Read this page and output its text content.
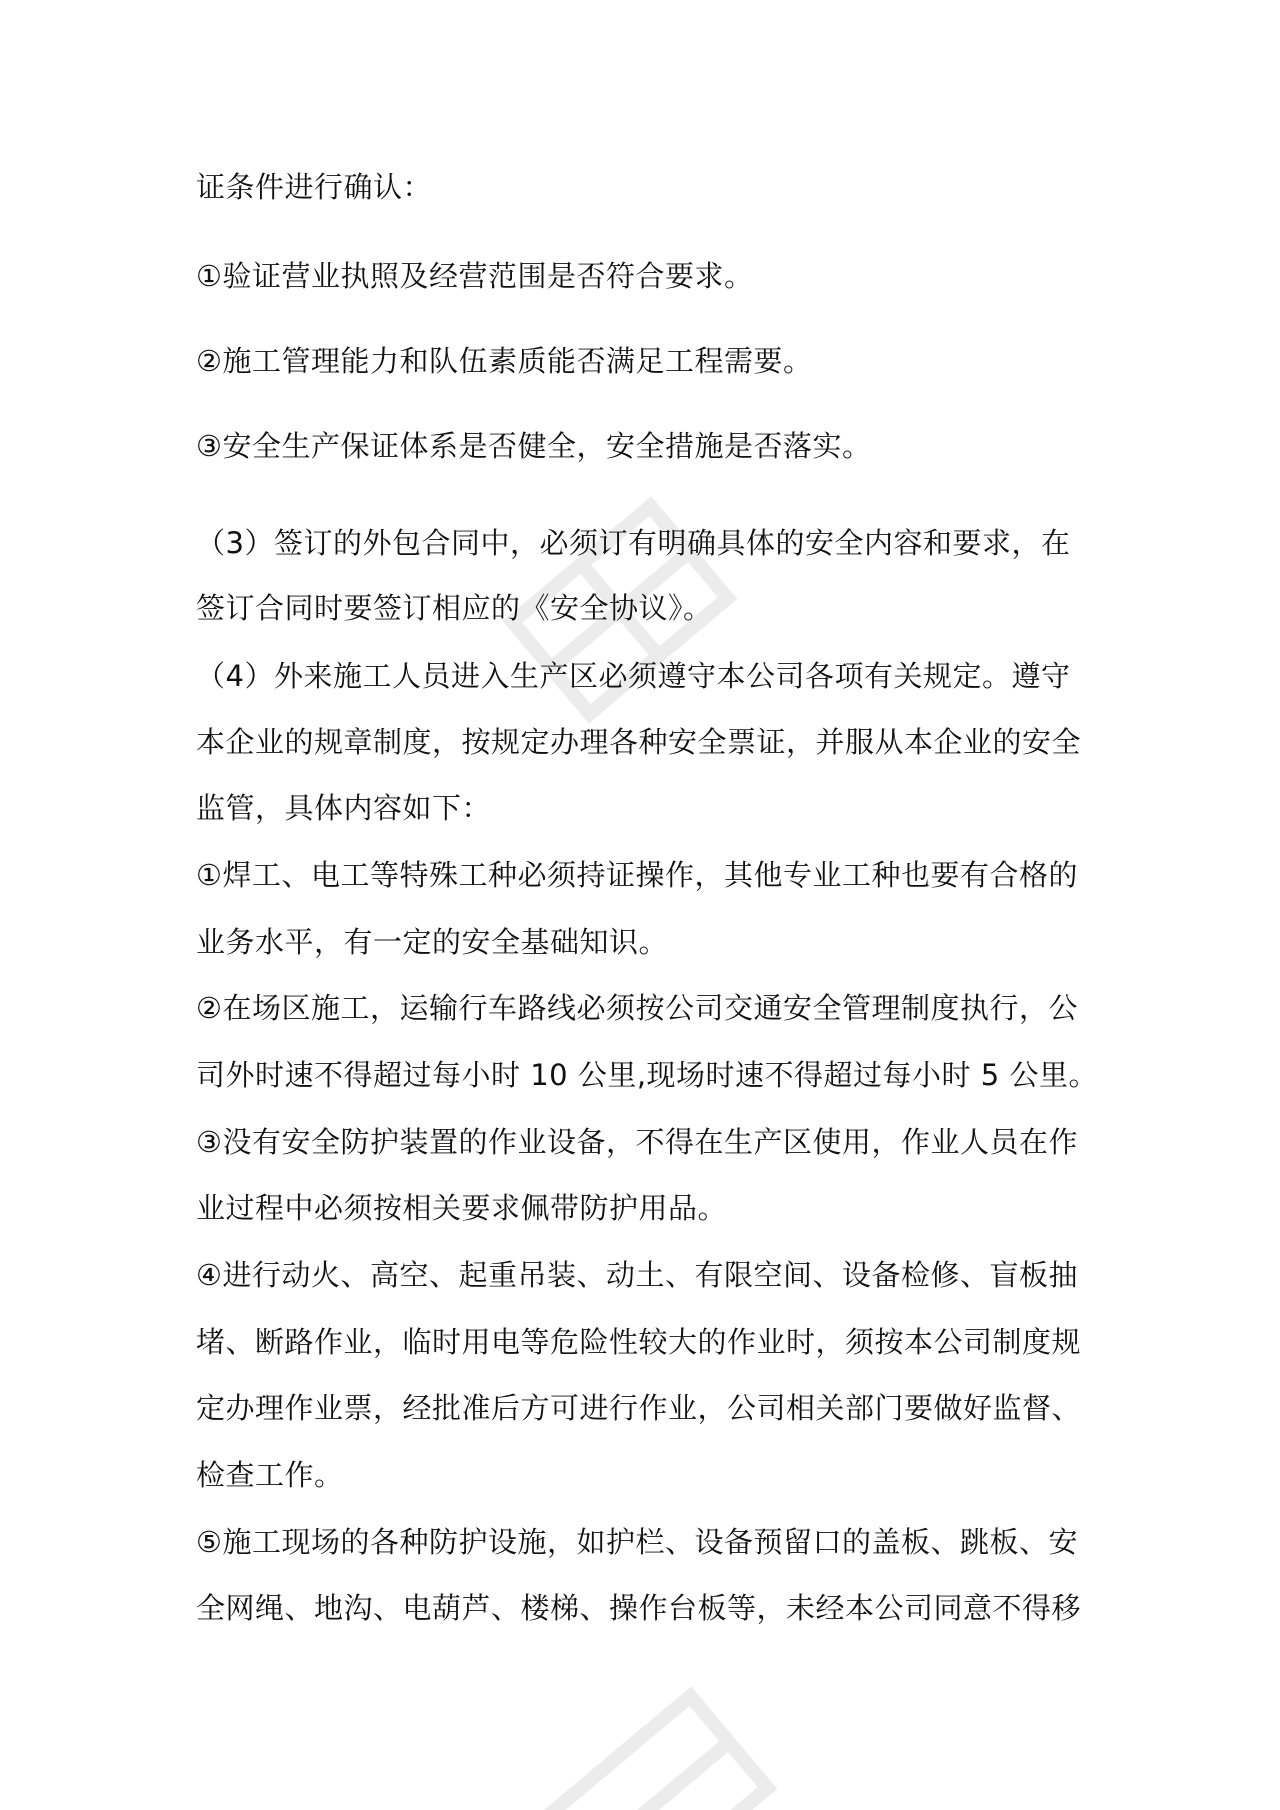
证条件进行确认：
①验证营业执照及经营范围是否符合要求。
②施工管理能力和队伍素质能否满足工程需要。
③安全生产保证体系是否健全，安全措施是否落实。
（3）签订的外包合同中，必须订有明确具体的安全内容和要求，在
签订合同时要签订相应的《安全协议》。
（4）外来施工人员进入生产区必须遵守本公司各项有关规定。遵守
本企业的规章制度，按规定办理各种安全票证，并服从本企业的安全
监管，具体内容如下：
①焊工、电工等特殊工种必须持证操作，其他专业工种也要有合格的
业务水平，有一定的安全基础知识。
②在场区施工，运输行车路线必须按公司交通安全管理制度执行，公
司外时速不得超过每小时 10 公里,现场时速不得超过每小时 5 公里。
③没有安全防护装置的作业设备，不得在生产区使用，作业人员在作
业过程中必须按相关要求佩带防护用品。
④进行动火、高空、起重吊装、动土、有限空间、设备检修、盲板抽
堵、断路作业，临时用电等危险性较大的作业时，须按本公司制度规
定办理作业票，经批准后方可进行作业，公司相关部门要做好监督、
检查工作。
⑤施工现场的各种防护设施，如护栏、设备预留口的盖板、跳板、安
全网绳、地沟、电葫芦、楼梯、操作台板等，未经本公司同意不得移
